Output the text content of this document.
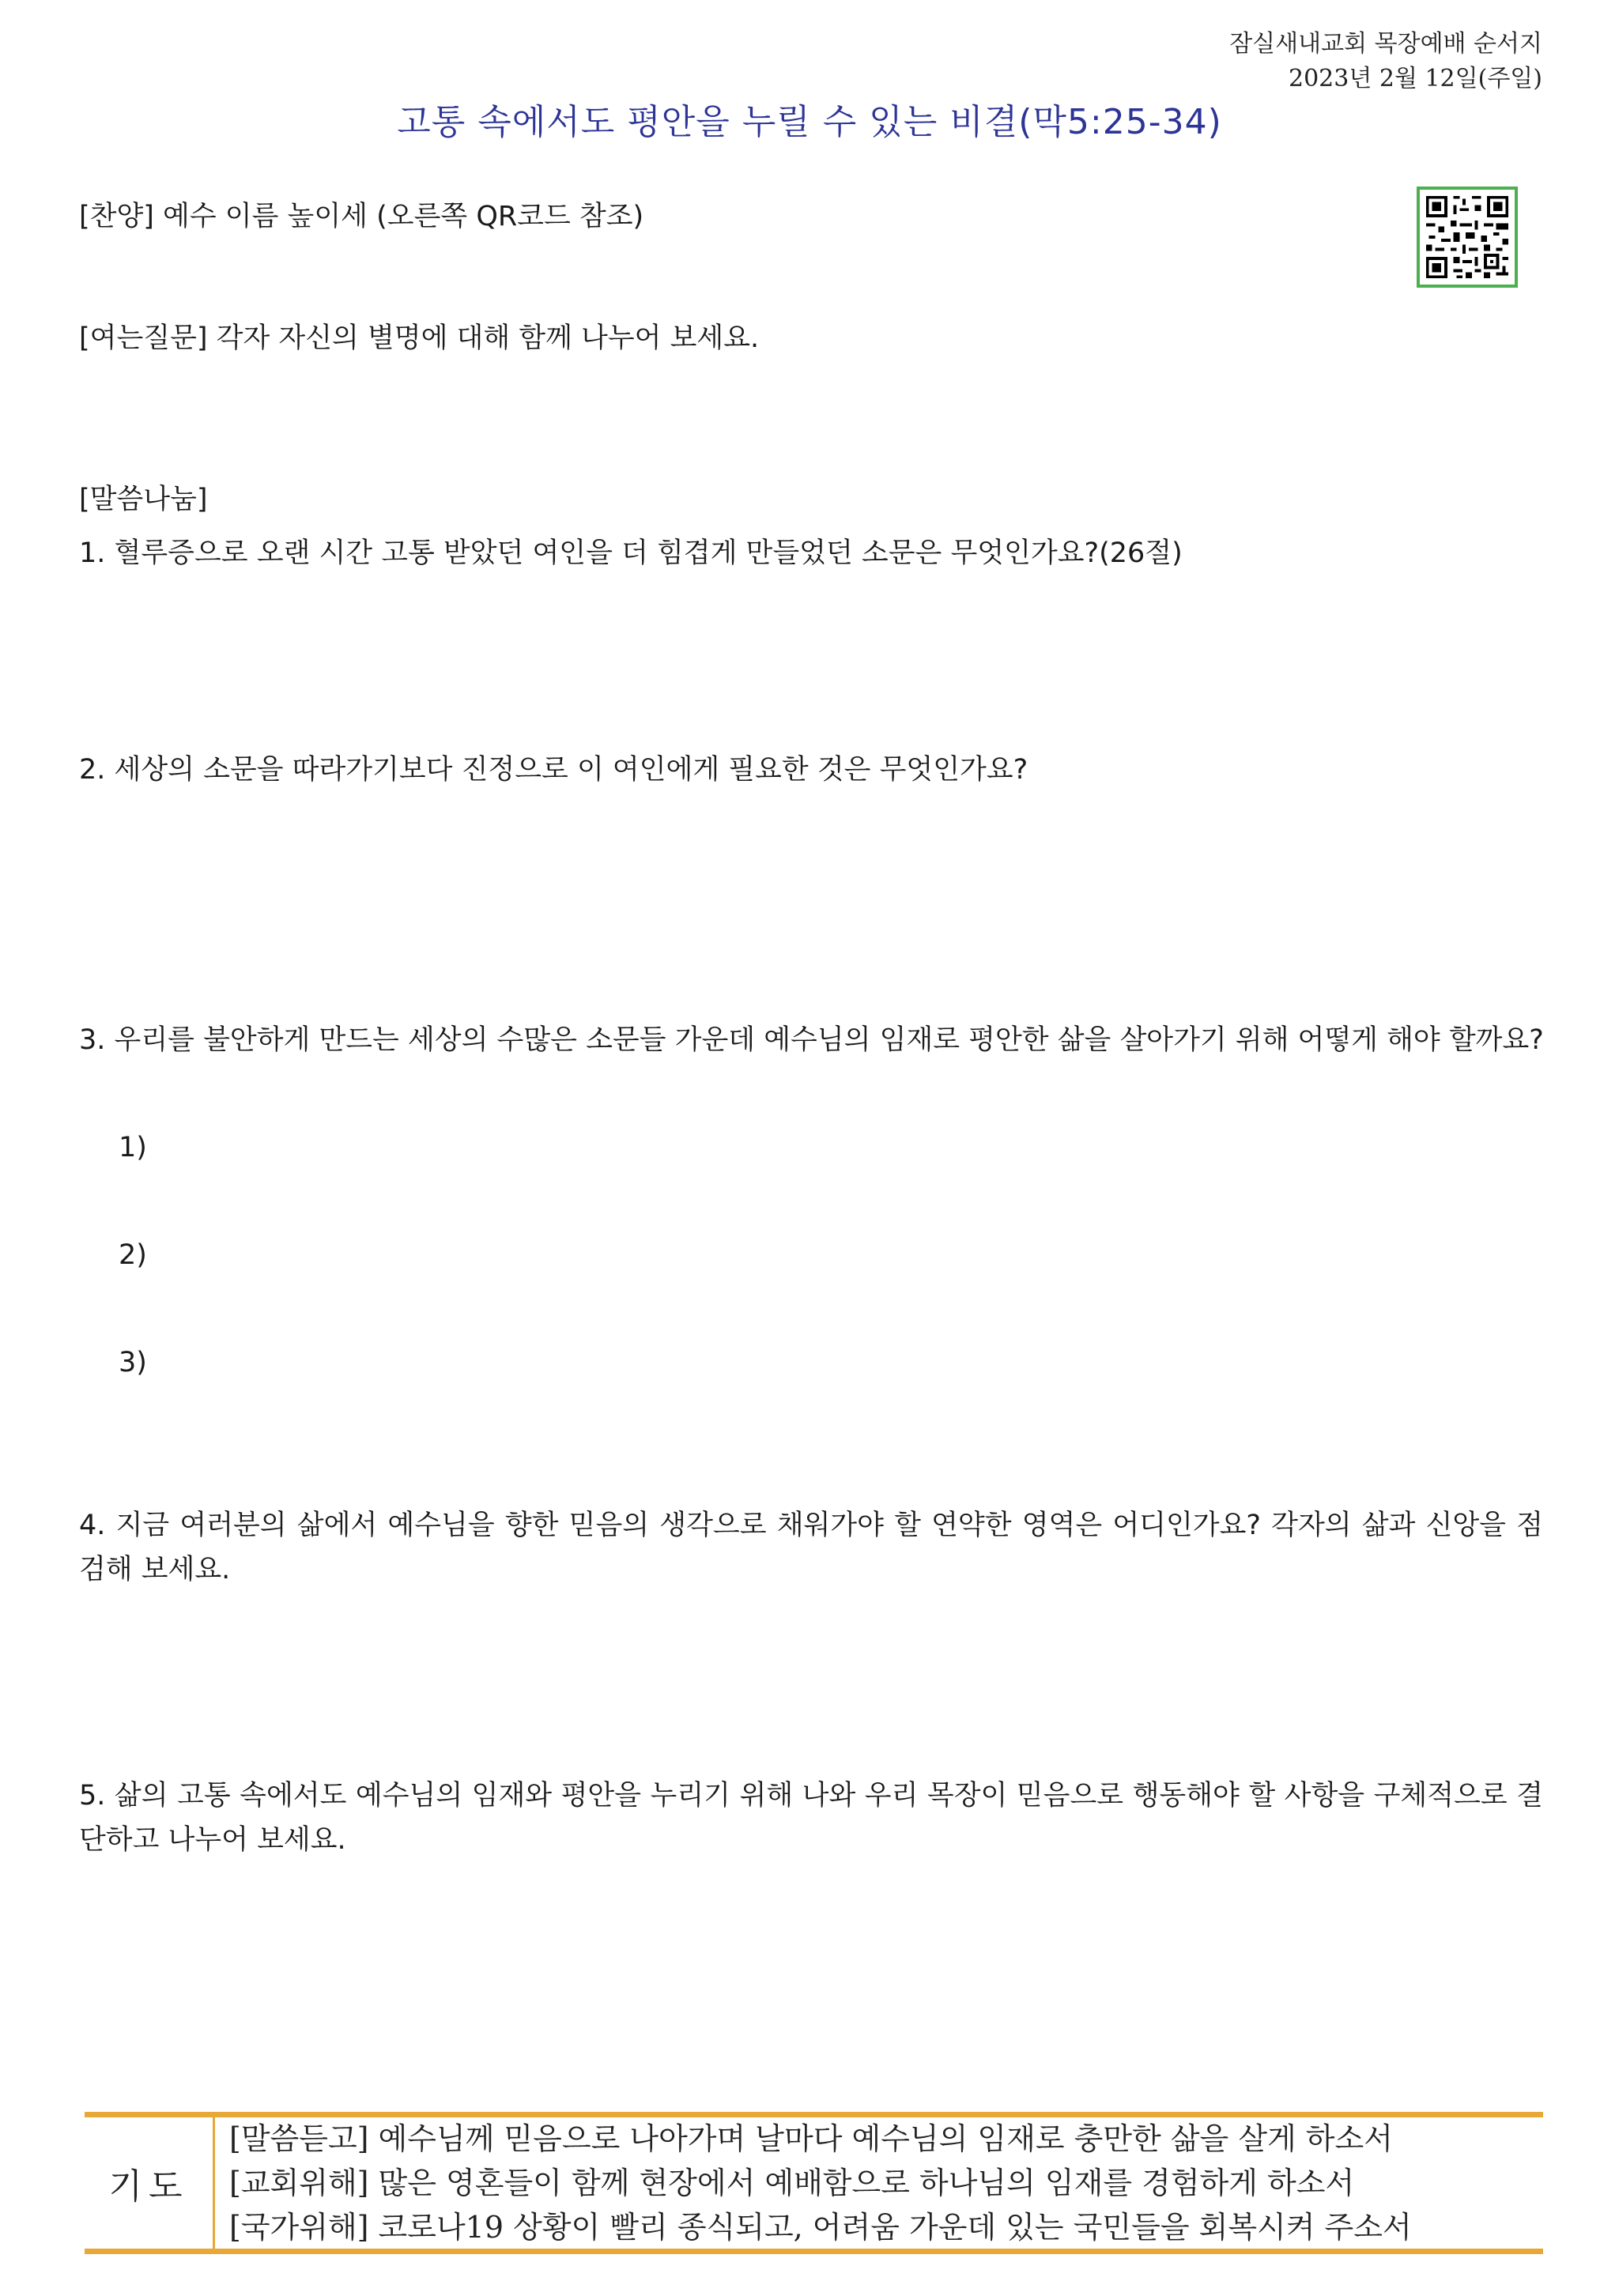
잠실새내교회 목장예배 순서지
2023년 2월 12일(주일)
고통 속에서도 평안을 누릴 수 있는 비결(막5:25-34)
[찬양] 예수 이름 높이세 (오른쪽 QR코드 참조)
[여는질문] 각자 자신의 별명에 대해 함께 나누어 보세요.
[말씀나눔]
1. 혈루증으로 오랜 시간 고통 받았던 여인을 더 힘겹게 만들었던 소문은 무엇인가요?(26절)
2. 세상의 소문을 따라가기보다 진정으로 이 여인에게 필요한 것은 무엇인가요?
3. 우리를 불안하게 만드는 세상의 수많은 소문들 가운데 예수님의 임재로 평안한 삶을 살아가기 위해 어떻게 해야 할까요?
1)
2)
3)
4. 지금 여러분의 삶에서 예수님을 향한 믿음의 생각으로 채워가야 할 연약한 영역은 어디인가요? 각자의 삶과 신앙을 점검해 보세요.
5. 삶의 고통 속에서도 예수님의 임재와 평안을 누리기 위해 나와 우리 목장이 믿음으로 행동해야 할 사항을 구체적으로 결단하고 나누어 보세요.
기도
[말씀듣고] 예수님께 믿음으로 나아가며 날마다 예수님의 임재로 충만한 삶을 살게 하소서
[교회위해] 많은 영혼들이 함께 현장에서 예배함으로 하나님의 임재를 경험하게 하소서
[국가위해] 코로나19 상황이 빨리 종식되고, 어려움 가운데 있는 국민들을 회복시켜 주소서
